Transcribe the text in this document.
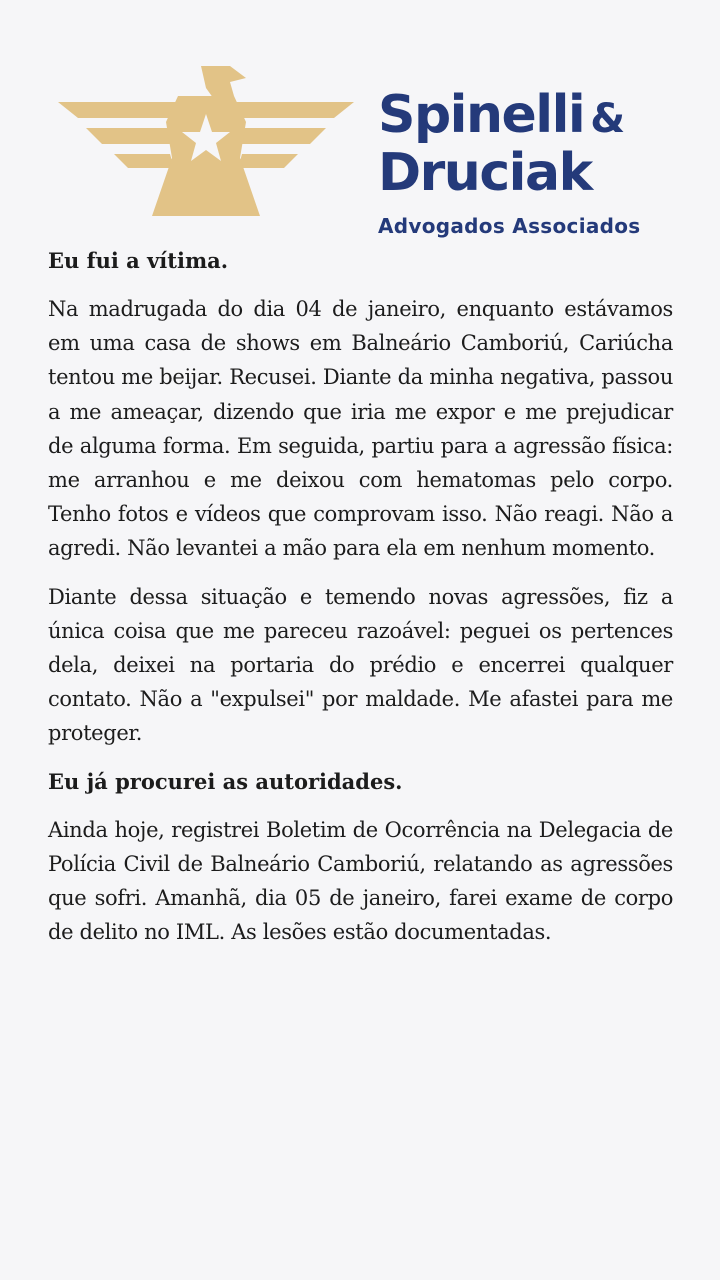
Spinelli &
Druciak
Advogados Associados
Eu fui a vítima.

Na madrugada do dia 04 de janeiro, enquanto estávamos em uma casa de shows em Balneário Camboriú, Cariúcha tentou me beijar. Recusei. Diante da minha negativa, passou a me ameaçar, dizendo que iria me expor e me prejudicar de alguma forma. Em seguida, partiu para a agressão física: me arranhou e me deixou com hematomas pelo corpo. Tenho fotos e vídeos que comprovam isso. Não reagi. Não a agredi. Não levantei a mão para ela em nenhum momento.

Diante dessa situação e temendo novas agressões, fiz a única coisa que me pareceu razoável: peguei os pertences dela, deixei na portaria do prédio e encerrei qualquer contato. Não a "expulsei" por maldade. Me afastei para me proteger.

Eu já procurei as autoridades.

Ainda hoje, registrei Boletim de Ocorrência na Delegacia de Polícia Civil de Balneário Camboriú, relatando as agressões que sofri. Amanhã, dia 05 de janeiro, farei exame de corpo de delito no IML. As lesões estão documentadas.
